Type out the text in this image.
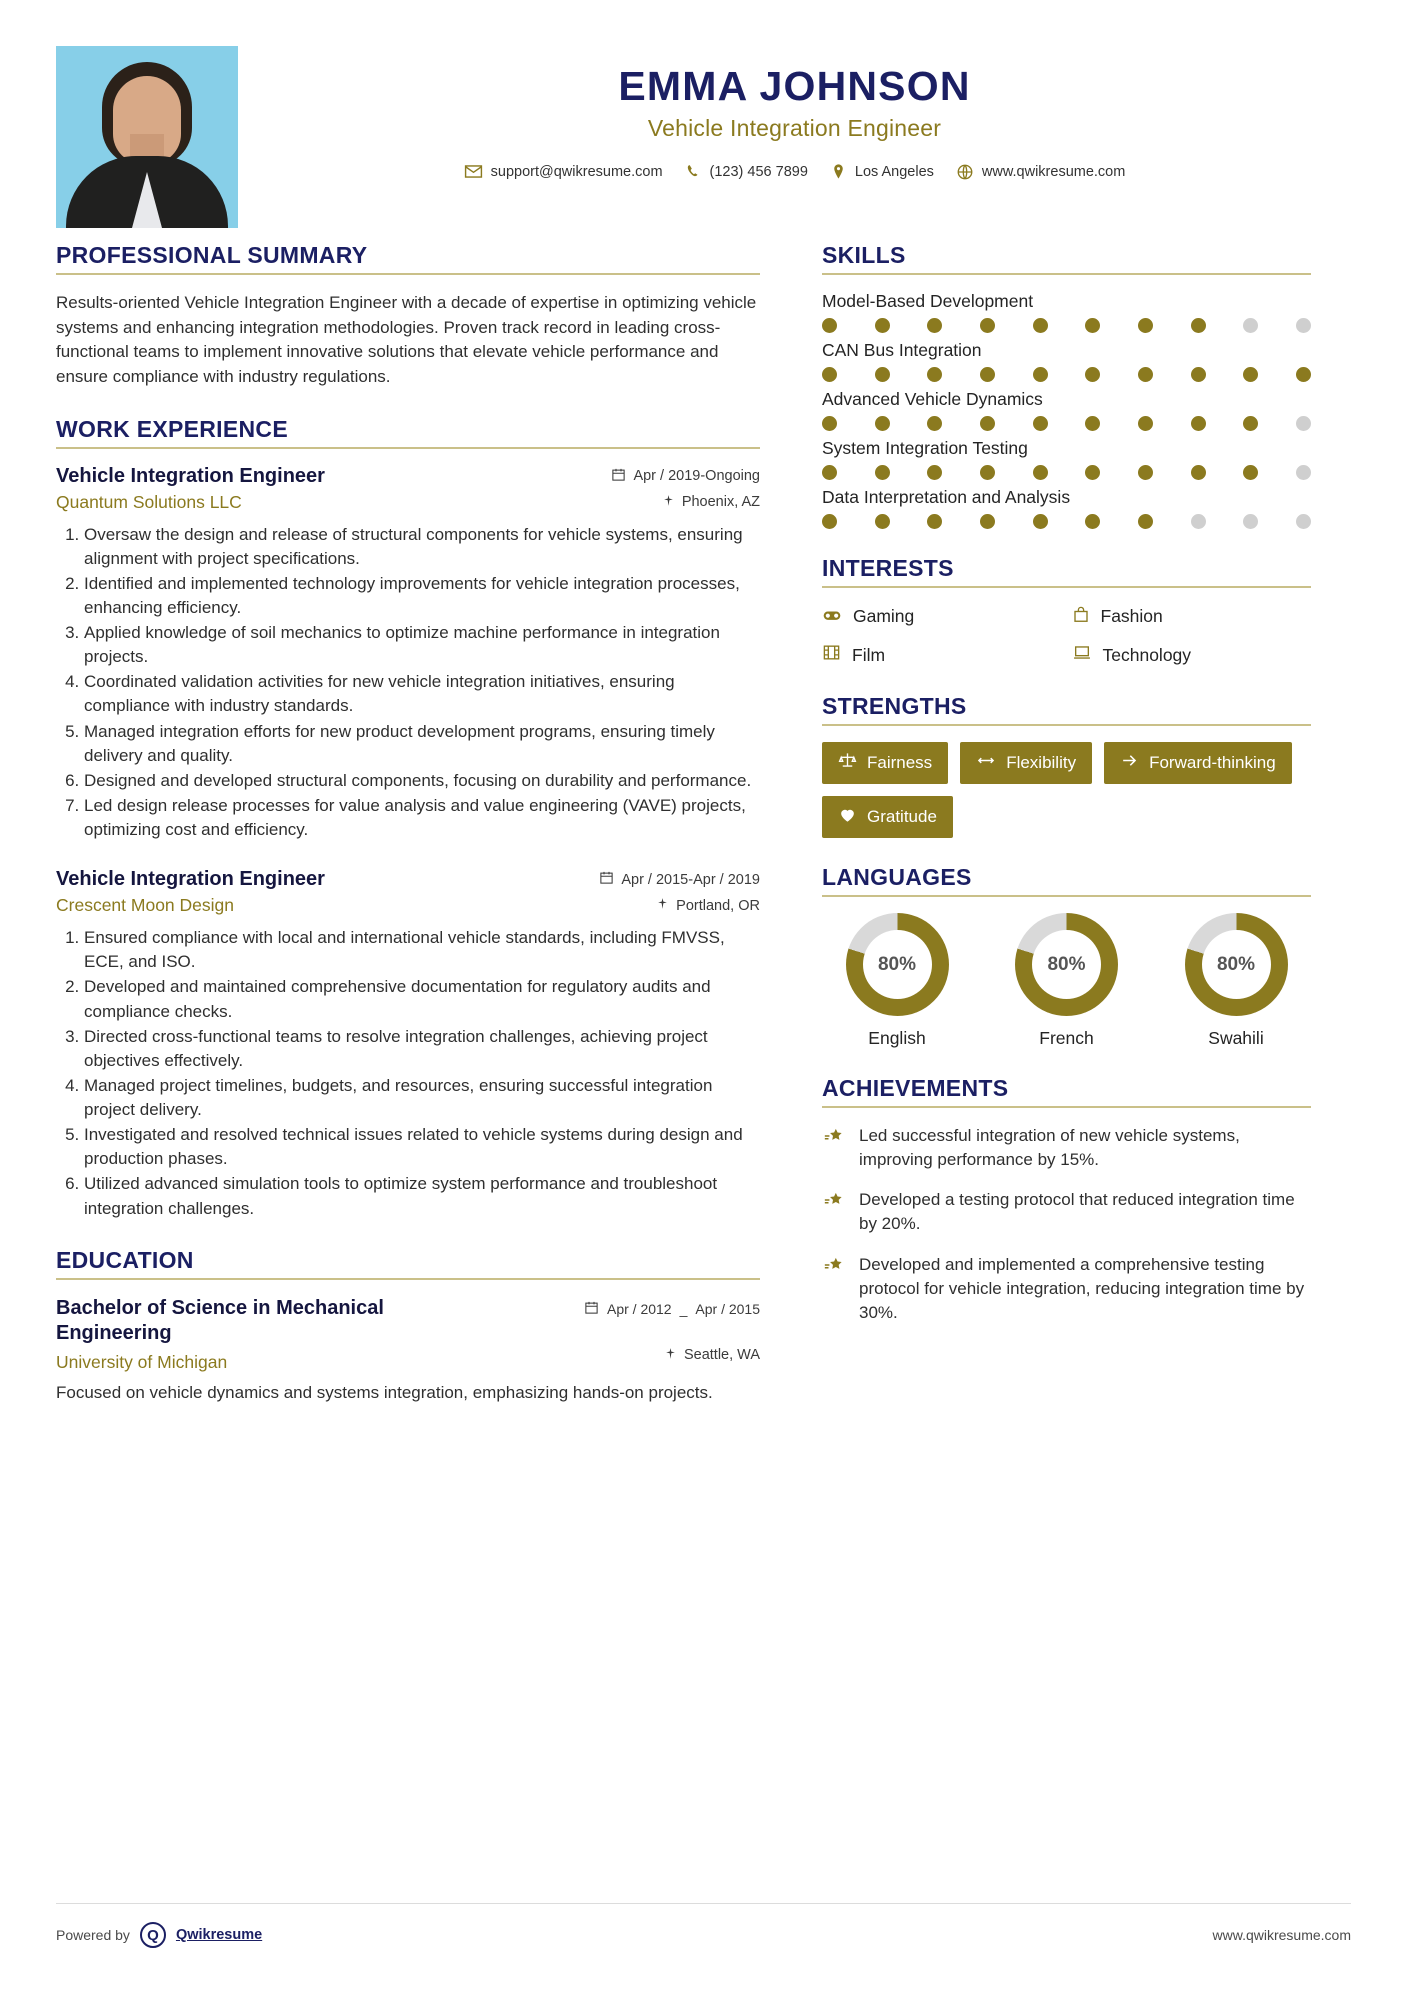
EMMA JOHNSON
Vehicle Integration Engineer
support@qwikresume.com	(123) 456 7899	Los Angeles	www.qwikresume.com
PROFESSIONAL SUMMARY
Results-oriented Vehicle Integration Engineer with a decade of expertise in optimizing vehicle systems and enhancing integration methodologies. Proven track record in leading cross-functional teams to implement innovative solutions that elevate vehicle performance and ensure compliance with industry regulations.
WORK EXPERIENCE
Vehicle Integration Engineer	Apr / 2019-Ongoing
Quantum Solutions LLC	Phoenix, AZ
1. Oversaw the design and release of structural components for vehicle systems, ensuring alignment with project specifications.
2. Identified and implemented technology improvements for vehicle integration processes, enhancing efficiency.
3. Applied knowledge of soil mechanics to optimize machine performance in integration projects.
4. Coordinated validation activities for new vehicle integration initiatives, ensuring compliance with industry standards.
5. Managed integration efforts for new product development programs, ensuring timely delivery and quality.
6. Designed and developed structural components, focusing on durability and performance.
7. Led design release processes for value analysis and value engineering (VAVE) projects, optimizing cost and efficiency.
Vehicle Integration Engineer	Apr / 2015-Apr / 2019
Crescent Moon Design	Portland, OR
1. Ensured compliance with local and international vehicle standards, including FMVSS, ECE, and ISO.
2. Developed and maintained comprehensive documentation for regulatory audits and compliance checks.
3. Directed cross-functional teams to resolve integration challenges, achieving project objectives effectively.
4. Managed project timelines, budgets, and resources, ensuring successful integration project delivery.
5. Investigated and resolved technical issues related to vehicle systems during design and production phases.
6. Utilized advanced simulation tools to optimize system performance and troubleshoot integration challenges.
EDUCATION
Bachelor of Science in Mechanical Engineering
Apr / 2012 _ Apr / 2015
University of Michigan	Seattle, WA
Focused on vehicle dynamics and systems integration, emphasizing hands-on projects.
SKILLS
Model-Based Development
CAN Bus Integration
Advanced Vehicle Dynamics
System Integration Testing
Data Interpretation and Analysis
INTERESTS
Gaming	Fashion
Film	Technology
STRENGTHS
Fairness	Flexibility	Forward-thinking
Gratitude
LANGUAGES
80%
English
80%
French
80%
Swahili
ACHIEVEMENTS
Led successful integration of new vehicle systems, improving performance by 15%.
Developed a testing protocol that reduced integration time by 20%.
Developed and implemented a comprehensive testing protocol for vehicle integration, reducing integration time by 30%.
Powered by	Q	Qwikresume	www.qwikresume.com
